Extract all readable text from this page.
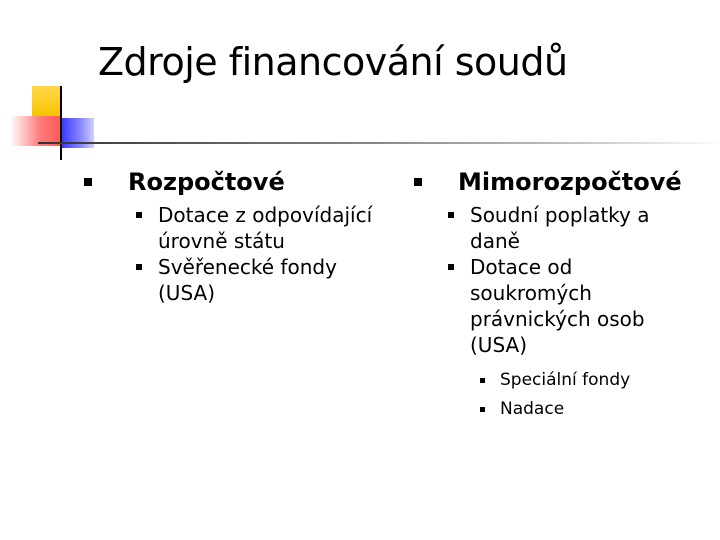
Zdroje financování soudů
Rozpočtové
Dotace z odpovídající úrovně státu
Svěřenecké fondy (USA)
Mimorozpočtové
Soudní poplatky a daně
Dotace od soukromých právnických osob (USA)
Speciální fondy
Nadace
